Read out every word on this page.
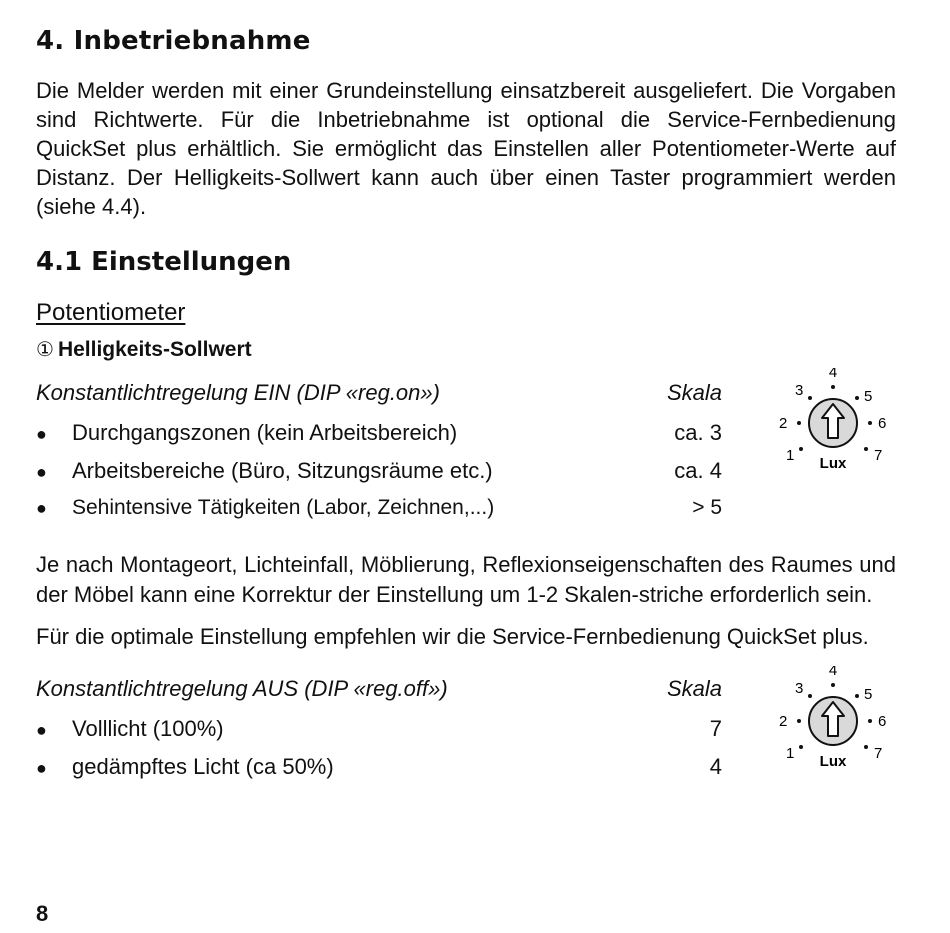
4. Inbetriebnahme

Die Melder werden mit einer Grundeinstellung einsatzbereit ausgeliefert. Die Vorgaben sind Richtwerte. Für die Inbetriebnahme ist optional die Service-Fernbedienung QuickSet plus erhältlich. Sie ermöglicht das Einstellen aller Potentiometer-Werte auf Distanz. Der Helligkeits-Sollwert kann auch über einen Taster programmiert werden (siehe 4.4).

4.1 Einstellungen
Potentiometer
① Helligkeits-Sollwert
Konstantlichtregelung EIN (DIP «reg.on»)	Skala
● Durchgangszonen (kein Arbeitsbereich)	ca. 3
● Arbeitsbereiche (Büro, Sitzungsräume etc.)	ca. 4
● Sehintensive Tätigkeiten (Labor, Zeichnen,...)	> 5
4
3	5
2	6
1	7
Lux

Je nach Montageort, Lichteinfall, Möblierung, Reflexionseigenschaften des Raumes und der Möbel kann eine Korrektur der Einstellung um 1-2 Skalen-striche erforderlich sein.

Für die optimale Einstellung empfehlen wir die Service-Fernbedienung QuickSet plus.

Konstantlichtregelung AUS (DIP «reg.off»)	Skala
● Volllicht (100%)	7
● gedämpftes Licht (ca 50%)	4
4
3	5
2	6
1	7
Lux
8
